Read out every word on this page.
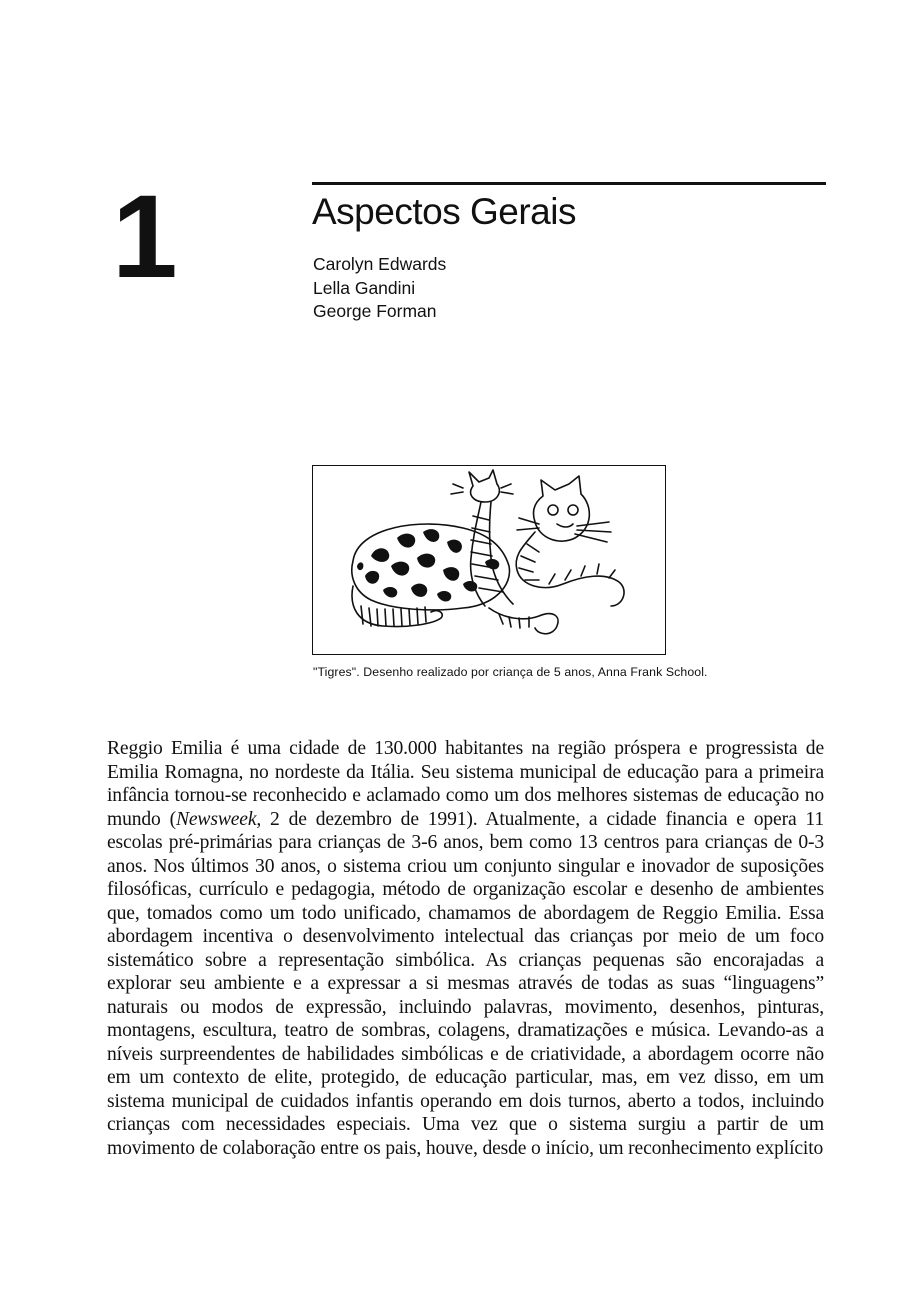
1	Aspectos Gerais
Carolyn Edwards
Lella Gandini
George Forman
"Tigres". Desenho realizado por criança de 5 anos, Anna Frank School.

Reggio Emilia é uma cidade de 130.000 habitantes na região próspera e progressista de Emilia Romagna, no nordeste da Itália. Seu sistema municipal de educação para a primeira infância tornou-se reconhecido e aclamado como um dos melhores sistemas de educação no mundo (Newsweek, 2 de dezembro de 1991). Atualmente, a cidade financia e opera 11 escolas pré-primárias para crianças de 3-6 anos, bem como 13 centros para crianças de 0-3 anos. Nos últimos 30 anos, o sistema criou um conjunto singular e inovador de suposições filosóficas, currículo e pedagogia, método de organização escolar e desenho de ambientes que, tomados como um todo unificado, chamamos de abordagem de Reggio Emilia. Essa abordagem incentiva o desenvolvimento intelectual das crianças por meio de um foco sistemático sobre a representação simbólica. As crianças pequenas são encorajadas a explorar seu ambiente e a expressar a si mesmas através de todas as suas “linguagens” naturais ou modos de expressão, incluindo palavras, movimento, desenhos, pinturas, montagens, escultura, teatro de sombras, colagens, dramatizações e música. Levando-as a níveis surpreendentes de habilidades simbólicas e de criatividade, a abordagem ocorre não em um contexto de elite, protegido, de educação particular, mas, em vez disso, em um sistema municipal de cuidados infantis operando em dois turnos, aberto a todos, incluindo crianças com necessidades especiais. Uma vez que o sistema surgiu a partir de um movimento de colaboração entre os pais, houve, desde o início, um reconhecimento explícito
